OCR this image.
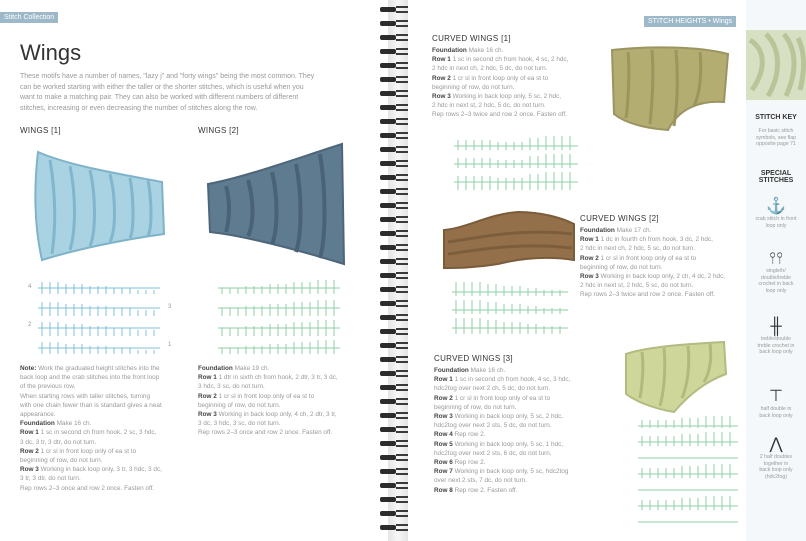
Stitch Collection
Wings
These motifs have a number of names, "lazy j" and "forty wings" being the most common. They
can be worked starting with either the taller or the shorter stitches, which is useful when you
want to make a matching pair. They can also be worked with different numbers of different
stitches, increasing or even decreasing the number of stitches along the row.
WINGS [1]	WINGS [2]
4
3
2
1
Note: Work the graduated height stitches into the
back loop and the crab stitches into the front loop
of the previous row.
When starting rows with taller stitches, turning
with one chain fewer than is standard gives a neat
appearance.
Foundation Make 16 ch.
Row 1 1 sc in second ch from hook, 2 sc, 3 hdc,
3 dc, 3 tr, 3 dtr, do not turn.
Row 2 1 cr sl in front loop only of ea st to
beginning of row, do not turn.
Row 3 Working in back loop only, 3 tr, 3 hdc, 3 dc,
3 tr, 3 dtr, do not turn.
Rep rows 2–3 once and row 2 once. Fasten off.
Foundation Make 19 ch.
Row 1 1 dtr in sixth ch from hook, 2 dtr, 3 tr, 3 dc,
3 hdc, 3 sc, do not turn.
Row 2 1 cr sl in front loop only of ea st to
beginning of row, do not turn.
Row 3 Working in back loop only, 4 ch, 2 dtr, 3 tr,
3 dc, 3 hdc, 3 sc, do not turn.
Rep rows 2–3 once and row 2 once. Fasten off.
STITCH HEIGHTS • Wings
CURVED WINGS [1]
Foundation Make 16 ch.
Row 1 1 sc in second ch from hook, 4 sc, 2 hdc,
2 hdc in next ch, 2 hdc, 5 dc, do not turn.
Row 2 1 cr sl in front loop only of ea st to
beginning of row, do not turn.
Row 3 Working in back loop only, 5 sc, 2 hdc,
2 hdc in next st, 2 hdc, 5 dc, do not turn.
Rep rows 2–3 twice and row 2 once. Fasten off.
CURVED WINGS [2]
Foundation Make 17 ch.
Row 1 1 dc in fourth ch from hook, 3 dc, 2 hdc,
2 hdc in next ch, 2 hdc, 5 sc, do not turn.
Row 2 1 cr sl in front loop only of ea st to
beginning of row, do not turn.
Row 3 Working in back loop only, 2 ch, 4 dc, 2 hdc,
2 hdc in next st, 2 hdc, 5 sc, do not turn.
Rep rows 2–3 twice and row 2 once. Fasten off.
CURVED WINGS [3]
Foundation Make 16 ch.
Row 1 1 sc in second ch from hook, 4 sc, 3 hdc,
hdc2tog over next 2 ch, 5 dc, do not turn.
Row 2 1 cr sl in front loop only of ea st to
beginning of row, do not turn.
Row 3 Working in back loop only, 5 sc, 2 hdc,
hdc2tog over next 2 sts, 5 dc, do not turn.
Row 4 Rep row 2.
Row 5 Working in back loop only, 5 sc, 1 hdc,
hdc2tog over next 2 sts, 6 dc, do not turn.
Row 6 Rep row 2.
Row 7 Working in back loop only, 5 sc, hdc2tog
over next 2 sts, 7 dc, do not turn.
Row 8 Rep row 2. Fasten off.
STITCH KEY
For basic stitch
symbols, see flap
opposite page 71
SPECIAL
STITCHES
⚓
crab stitch in front
loop only
⫯⫯
single/tr/
double/treble
crochet in back
loop only
╫
treble/double
treble crochet in
back loop only
⊤
half double in
back loop only
⋀
2 half doubles
together in
back loop only
(hdc2tog)
